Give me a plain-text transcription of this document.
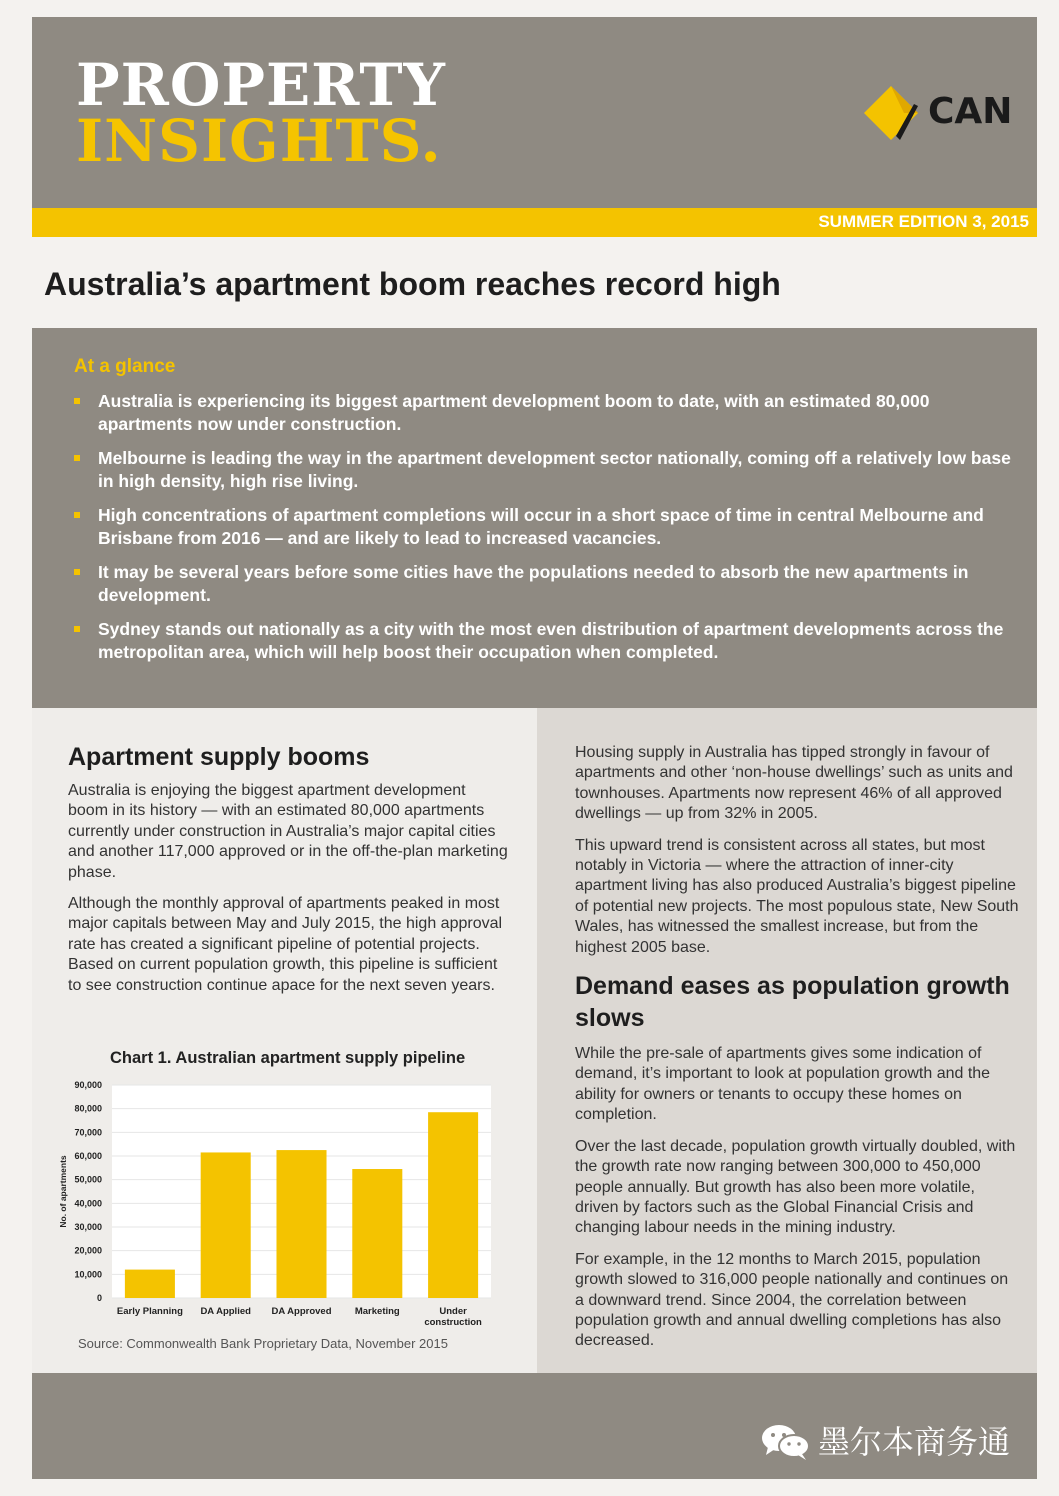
PROPERTY
INSIGHTS.	CAN
SUMMER EDITION 3, 2015
Australia’s apartment boom reaches record high
At a glance
Australia is experiencing its biggest apartment development boom to date, with an estimated 80,000 apartments now under construction.
Melbourne is leading the way in the apartment development sector nationally, coming off a relatively low base in high density, high rise living.
High concentrations of apartment completions will occur in a short space of time in central Melbourne and Brisbane from 2016 — and are likely to lead to increased vacancies.
It may be several years before some cities have the populations needed to absorb the new apartments in development.
Sydney stands out nationally as a city with the most even distribution of apartment developments across the metropolitan area, which will help boost their occupation when completed.
Apartment supply booms

Australia is enjoying the biggest apartment development boom in its history — with an estimated 80,000 apartments currently under construction in Australia’s major capital cities and another 117,000 approved or in the off-the-plan marketing phase.

Although the monthly approval of apartments peaked in most major capitals between May and July 2015, the high approval rate has created a significant pipeline of potential projects. Based on current population growth, this pipeline is sufficient to see construction continue apace for the next seven years.

Housing supply in Australia has tipped strongly in favour of apartments and other ‘non-house dwellings’ such as units and townhouses. Apartments now represent 46% of all approved dwellings — up from 32% in 2005.

This upward trend is consistent across all states, but most notably in Victoria — where the attraction of inner-city apartment living has also produced Australia’s biggest pipeline of potential new projects. The most populous state, New South Wales, has witnessed the smallest increase, but from the highest 2005 base.

Demand eases as population growth slows

While the pre-sale of apartments gives some indication of demand, it’s important to look at population growth and the ability for owners or tenants to occupy these homes on completion.

Over the last decade, population growth virtually doubled, with the growth rate now ranging between 300,000 to 450,000 people annually. But growth has also been more volatile, driven by factors such as the Global Financial Crisis and changing labour needs in the mining industry.

For example, in the 12 months to March 2015, population growth slowed to 316,000 people nationally and continues on a downward trend. Since 2004, the correlation between population growth and annual dwelling completions has also decreased.

Chart 1. Australian apartment supply pipeline
0
10,000
20,000
30,000
40,000
50,000
60,000
70,000
80,000
90,000
No. of apartments
Early Planning DA Applied DA Approved Marketing	Under
construction
Source: Commonwealth Bank Proprietary Data, November 2015
墨尔本商务通
